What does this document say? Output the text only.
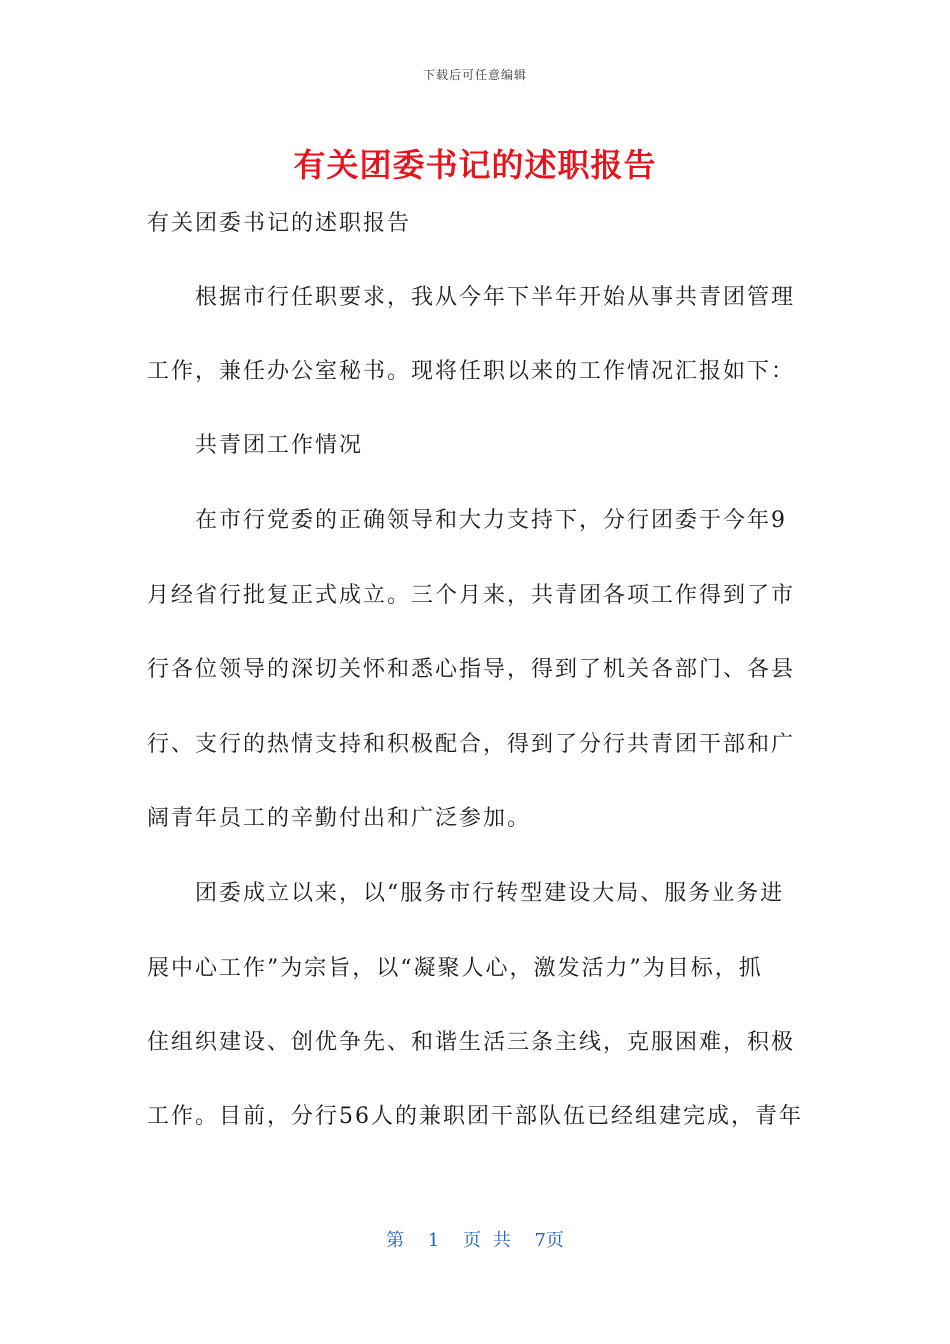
下载后可任意编辑
有关团委书记的述职报告
有关团委书记的述职报告
　　根据市行任职要求，我从今年下半年开始从事共青团管理
工作，兼任办公室秘书。现将任职以来的工作情况汇报如下：
　　共青团工作情况
　　在市行党委的正确领导和大力支持下，分行团委于今年9
月经省行批复正式成立。三个月来，共青团各项工作得到了市
行各位领导的深切关怀和悉心指导，得到了机关各部门、各县
行、支行的热情支持和积极配合，得到了分行共青团干部和广
阔青年员工的辛勤付出和广泛参加。
　　团委成立以来，以“服务市行转型建设大局、服务业务进
展中心工作”为宗旨，以“凝聚人心，激发活力”为目标，抓
住组织建设、创优争先、和谐生活三条主线，克服困难，积极
工作。目前，分行56人的兼职团干部队伍已经组建完成，青年
第 1 页 共 7页
